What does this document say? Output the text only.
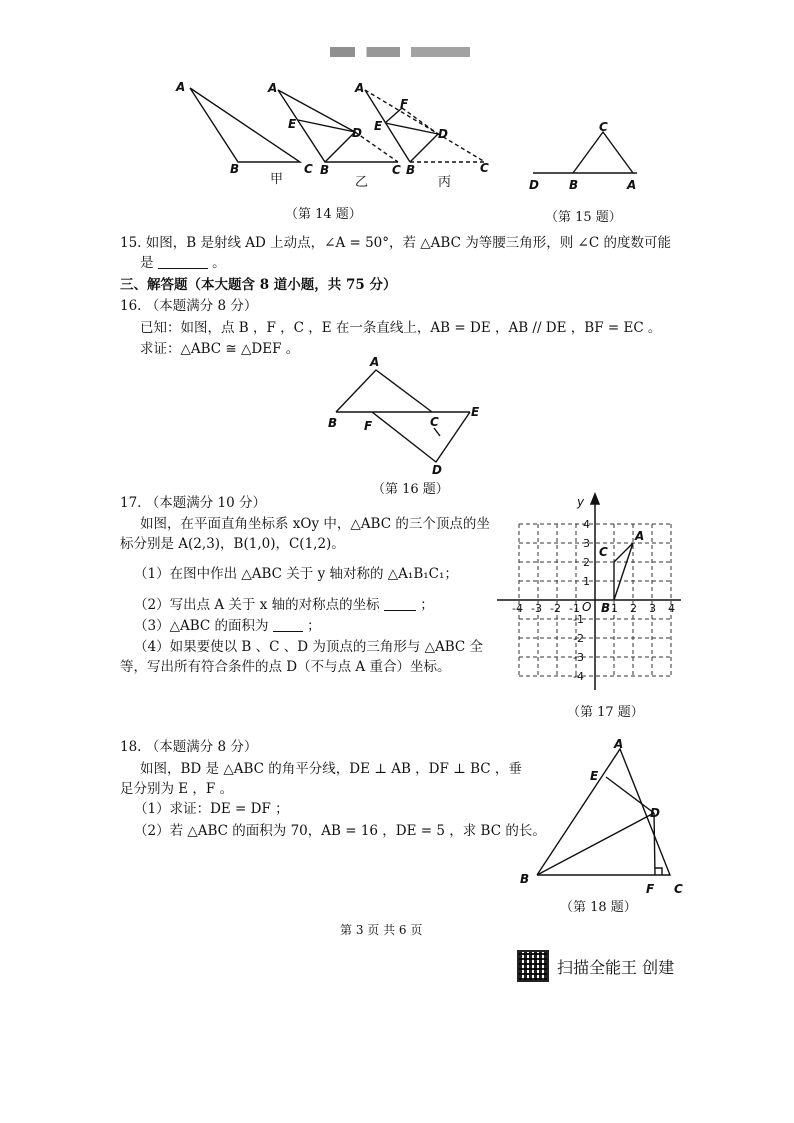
A
B	C
A
E
D
B	C
A
F
E
D
B	C
甲	乙	丙
C
D	B	A
（第 14 题）	（第 15 题）
15. 如图，B 是射线 AD 上动点，∠A = 50°，若 △ABC 为等腰三角形，则 ∠C 的度数可能
是	。
三、解答题（本大题含 8 道小题，共 75 分）
16. （本题满分 8 分）
已知：如图，点 B ，F ，C ，E 在一条直线上，AB = DE ，AB // DE ，BF = EC 。
求证：△ABC ≅ △DEF 。
A
B F	C
E
D
（第 16 题）
17. （本题满分 10 分）
如图，在平面直角坐标系 xOy 中，△ABC 的三个顶点的坐
标分别是 A(2,3)，B(1,0)，C(1,2)。
（1）在图中作出 △ABC 关于 y 轴对称的 △A₁B₁C₁；
（2）写出点 A 关于 x 轴的对称点的坐标	；
（3）△ABC 的面积为	；
（4）如果要使以 B 、C 、D 为顶点的三角形与 △ABC 全
等，写出所有符合条件的点 D（不与点 A 重合）坐标。
-4 -3 -2 -1	1 2 3 4
4
3
2
1
-1
-2
-3
-4
y
O
A
B
C
（第 17 题）
18. （本题满分 8 分）
如图，BD 是 △ABC 的角平分线，DE ⊥ AB ，DF ⊥ BC ，垂
足分别为 E ，F 。
（1）求证：DE = DF ；
（2）若 △ABC 的面积为 70，AB = 16 ，DE = 5 ，求 BC 的长。
A
E
D
B
F C
（第 18 题）
第 3 页 共 6 页
扫描全能王 创建
